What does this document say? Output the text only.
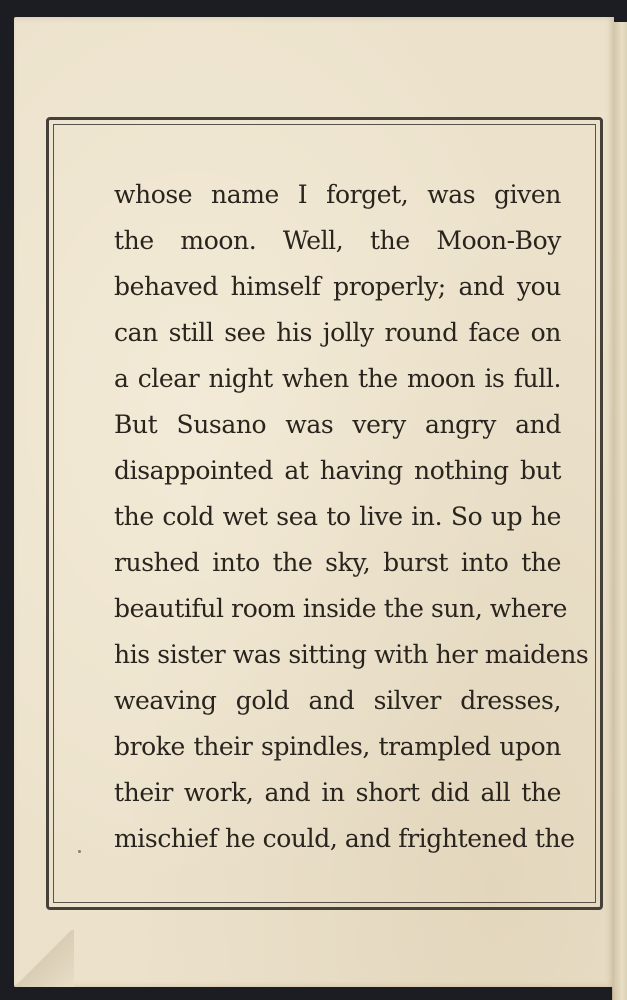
whose name I forget, was given
the moon. Well, the Moon-Boy
behaved himself properly; and you
can still see his jolly round face on
a clear night when the moon is full.
But Susano was very angry and
disappointed at having nothing but
the cold wet sea to live in. So up he
rushed into the sky, burst into the
beautiful room inside the sun, where
his sister was sitting with her maidens
weaving gold and silver dresses,
broke their spindles, trampled upon
their work, and in short did all the
mischief he could, and frightened the
